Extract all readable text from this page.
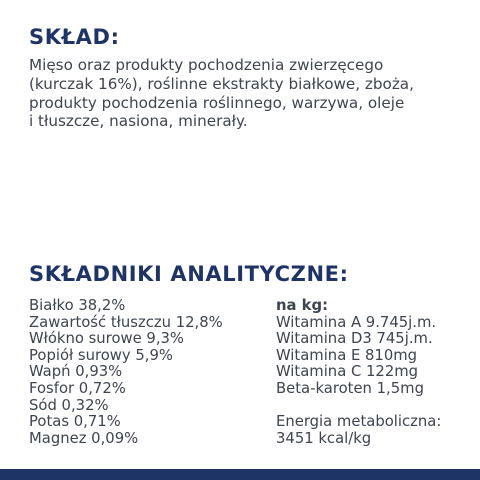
SKŁAD:

Mięso oraz produkty pochodzenia zwierzęcego
(kurczak 16%), roślinne ekstrakty białkowe, zboża,
produkty pochodzenia roślinnego, warzywa, oleje
i tłuszcze, nasiona, minerały.

SKŁADNIKI ANALITYCZNE:
Białko 38,2%
Zawartość tłuszczu 12,8%
Włókno surowe 9,3%
Popiół surowy 5,9%
Wapń 0,93%
Fosfor 0,72%
Sód 0,32%
Potas 0,71%
Magnez 0,09%
na kg:
Witamina A 9.745j.m.
Witamina D3 745j.m.
Witamina E 810mg
Witamina C 122mg
Beta-karoten 1,5mg
Energia metaboliczna:
3451 kcal/kg
